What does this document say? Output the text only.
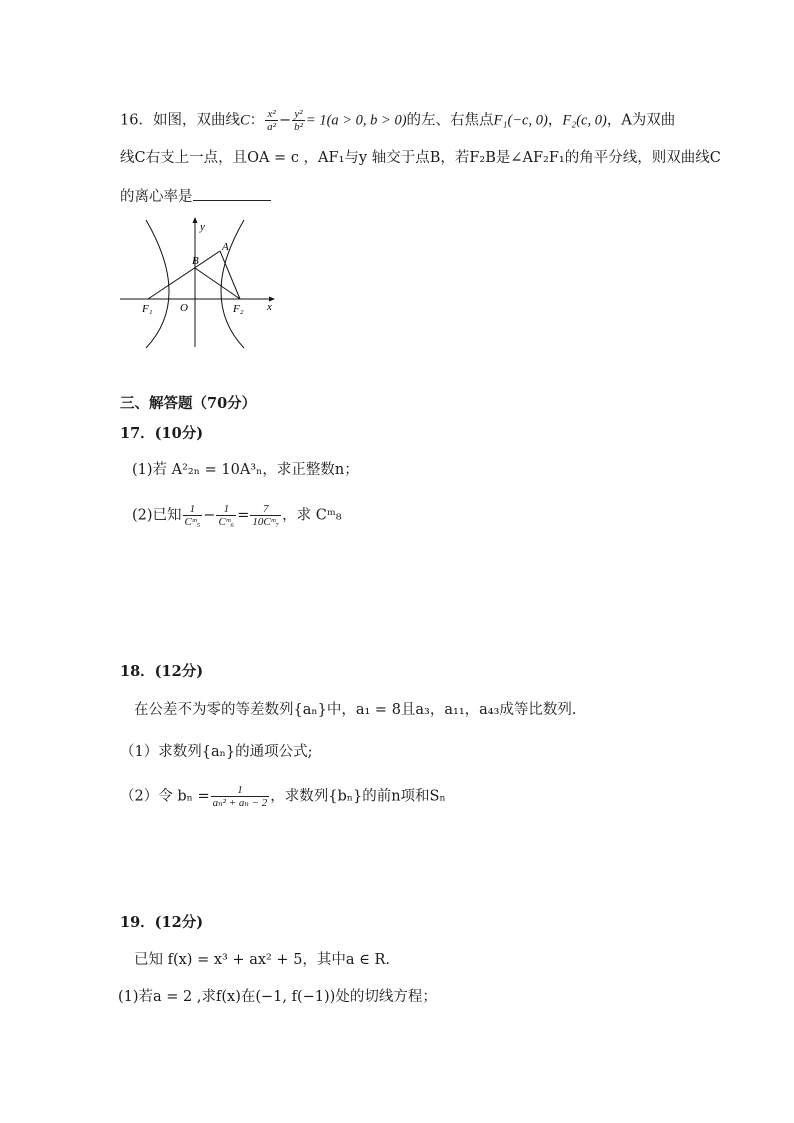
16．如图，双曲线C： $\frac{\text{x²}}{\text{a²}} - \frac{\text{y²}}{\text{b²}} = 1(a > 0$, b > 0)的左、右焦点F₁(−c, 0)，F₂(c, 0)，A为双曲
线C右支上一点，且OA = c ，AF₁与y 轴交于点B，若F₂B是∠AF₂F₁的角平分线，则双曲线C
的离心率是
y
x
A
B
O
F₁	F₂
三、解答题（70分）
17．(10分)
(1)若 A²₂ₙ = 10A³ₙ，求正整数n；
(2)已知 $\frac{1}{\text{Cᵐ₅}} - \frac{1}{\text{Cᵐ₆}} = \frac{7}{\text{10Cᵐ₇}}$ ，求 Cᵐ₈
18．(12分)
在公差不为零的等差数列{aₙ}中，a₁ = 8且a₃，a₁₁，a₄₃成等比数列.
（1）求数列{aₙ}的通项公式;
（2）令 $b_n = \frac{1}{\text{aₙ² + aₙ − 2}}$ ，求数列{bₙ}的前n项和Sₙ
19．(12分)
已知 f(x) = x³ + ax² + 5，其中a ∈ R.
(1)若a = 2 ,求f(x)在(−1, f(−1))处的切线方程；
